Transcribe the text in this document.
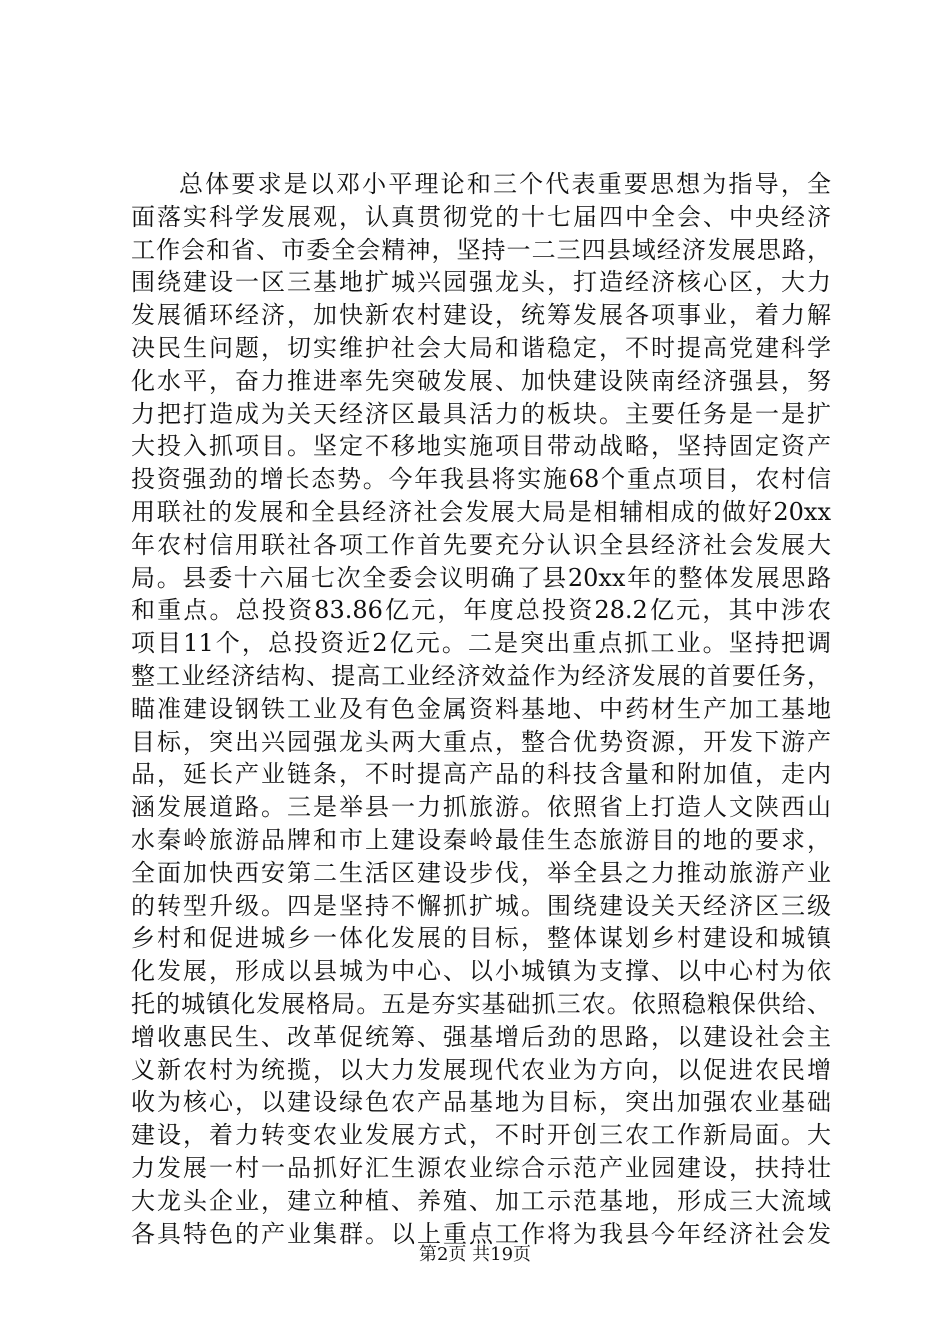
总体要求是以邓小平理论和三个代表重要思想为指导，全
面落实科学发展观，认真贯彻党的十七届四中全会、中央经济
工作会和省、市委全会精神，坚持一二三四县域经济发展思路，
围绕建设一区三基地扩城兴园强龙头，打造经济核心区，大力
发展循环经济，加快新农村建设，统筹发展各项事业，着力解
决民生问题，切实维护社会大局和谐稳定，不时提高党建科学
化水平，奋力推进率先突破发展、加快建设陕南经济强县，努
力把打造成为关天经济区最具活力的板块。主要任务是一是扩
大投入抓项目。坚定不移地实施项目带动战略，坚持固定资产
投资强劲的增长态势。今年我县将实施68个重点项目，农村信
用联社的发展和全县经济社会发展大局是相辅相成的做好20xx
年农村信用联社各项工作首先要充分认识全县经济社会发展大
局。县委十六届七次全委会议明确了县20xx年的整体发展思路
和重点。总投资83.86亿元，年度总投资28.2亿元，其中涉农
项目11个，总投资近2亿元。二是突出重点抓工业。坚持把调
整工业经济结构、提高工业经济效益作为经济发展的首要任务，
瞄准建设钢铁工业及有色金属资料基地、中药材生产加工基地
目标，突出兴园强龙头两大重点，整合优势资源，开发下游产
品，延长产业链条，不时提高产品的科技含量和附加值，走内
涵发展道路。三是举县一力抓旅游。依照省上打造人文陕西山
水秦岭旅游品牌和市上建设秦岭最佳生态旅游目的地的要求，
全面加快西安第二生活区建设步伐，举全县之力推动旅游产业
的转型升级。四是坚持不懈抓扩城。围绕建设关天经济区三级
乡村和促进城乡一体化发展的目标，整体谋划乡村建设和城镇
化发展，形成以县城为中心、以小城镇为支撑、以中心村为依
托的城镇化发展格局。五是夯实基础抓三农。依照稳粮保供给、
增收惠民生、改革促统筹、强基增后劲的思路，以建设社会主
义新农村为统揽，以大力发展现代农业为方向，以促进农民增
收为核心，以建设绿色农产品基地为目标，突出加强农业基础
建设，着力转变农业发展方式，不时开创三农工作新局面。大
力发展一村一品抓好汇生源农业综合示范产业园建设，扶持壮
大龙头企业，建立种植、养殖、加工示范基地，形成三大流域
各具特色的产业集群。以上重点工作将为我县今年经济社会发
第2页 共19页
